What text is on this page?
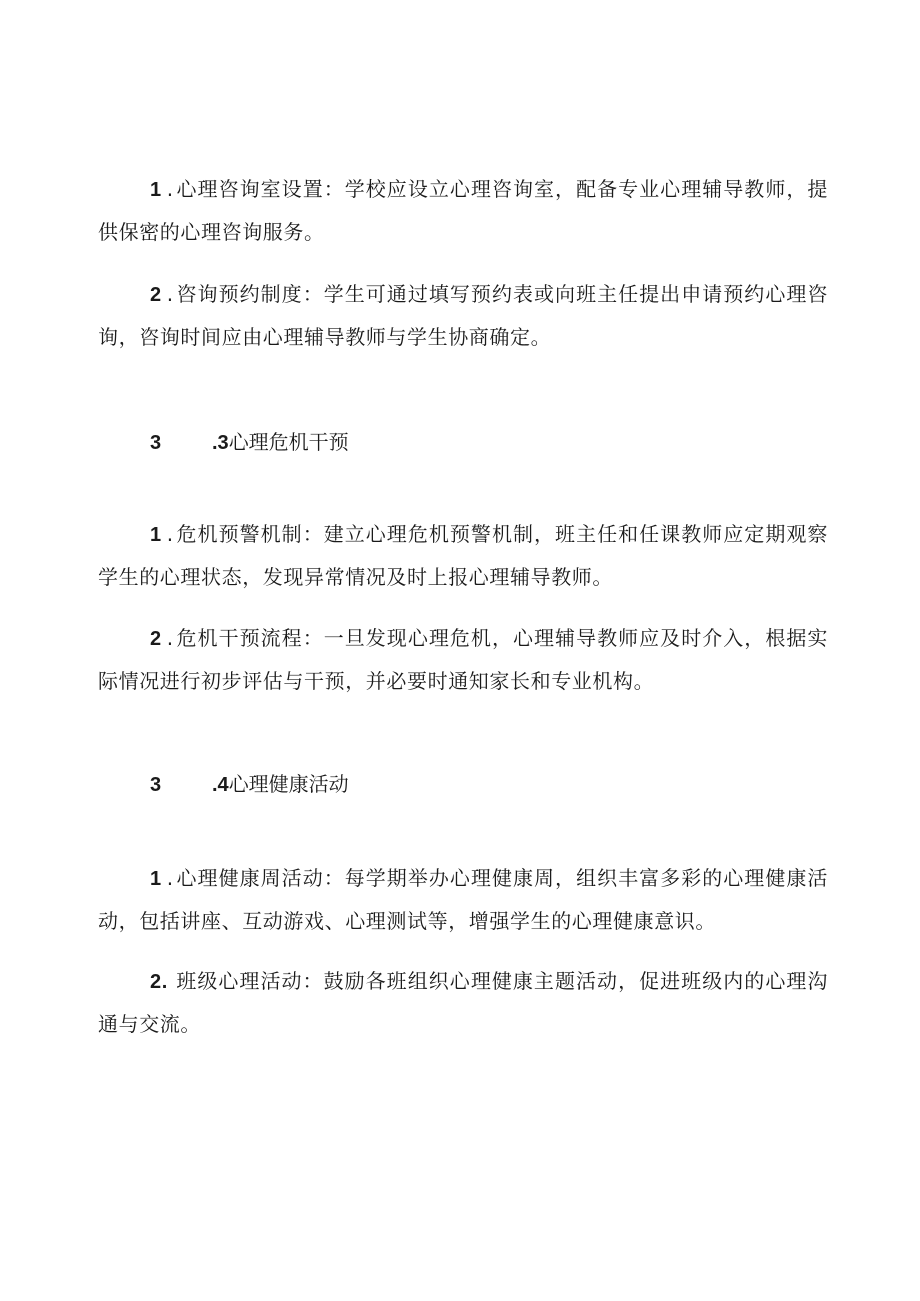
1 . 心理咨询室设置：学校应设立心理咨询室，配备专业心理辅导教师，提供保密的心理咨询服务。

2 . 咨询预约制度：学生可通过填写预约表或向班主任提出申请预约心理咨询，咨询时间应由心理辅导教师与学生协商确定。

3	.3心理危机干预

1 . 危机预警机制：建立心理危机预警机制，班主任和任课教师应定期观察学生的心理状态，发现异常情况及时上报心理辅导教师。

2 . 危机干预流程：一旦发现心理危机，心理辅导教师应及时介入，根据实际情况进行初步评估与干预，并必要时通知家长和专业机构。

3	.4心理健康活动

1 . 心理健康周活动：每学期举办心理健康周，组织丰富多彩的心理健康活动，包括讲座、互动游戏、心理测试等，增强学生的心理健康意识。

2. 班级心理活动：鼓励各班组织心理健康主题活动，促进班级内的心理沟通与交流。
